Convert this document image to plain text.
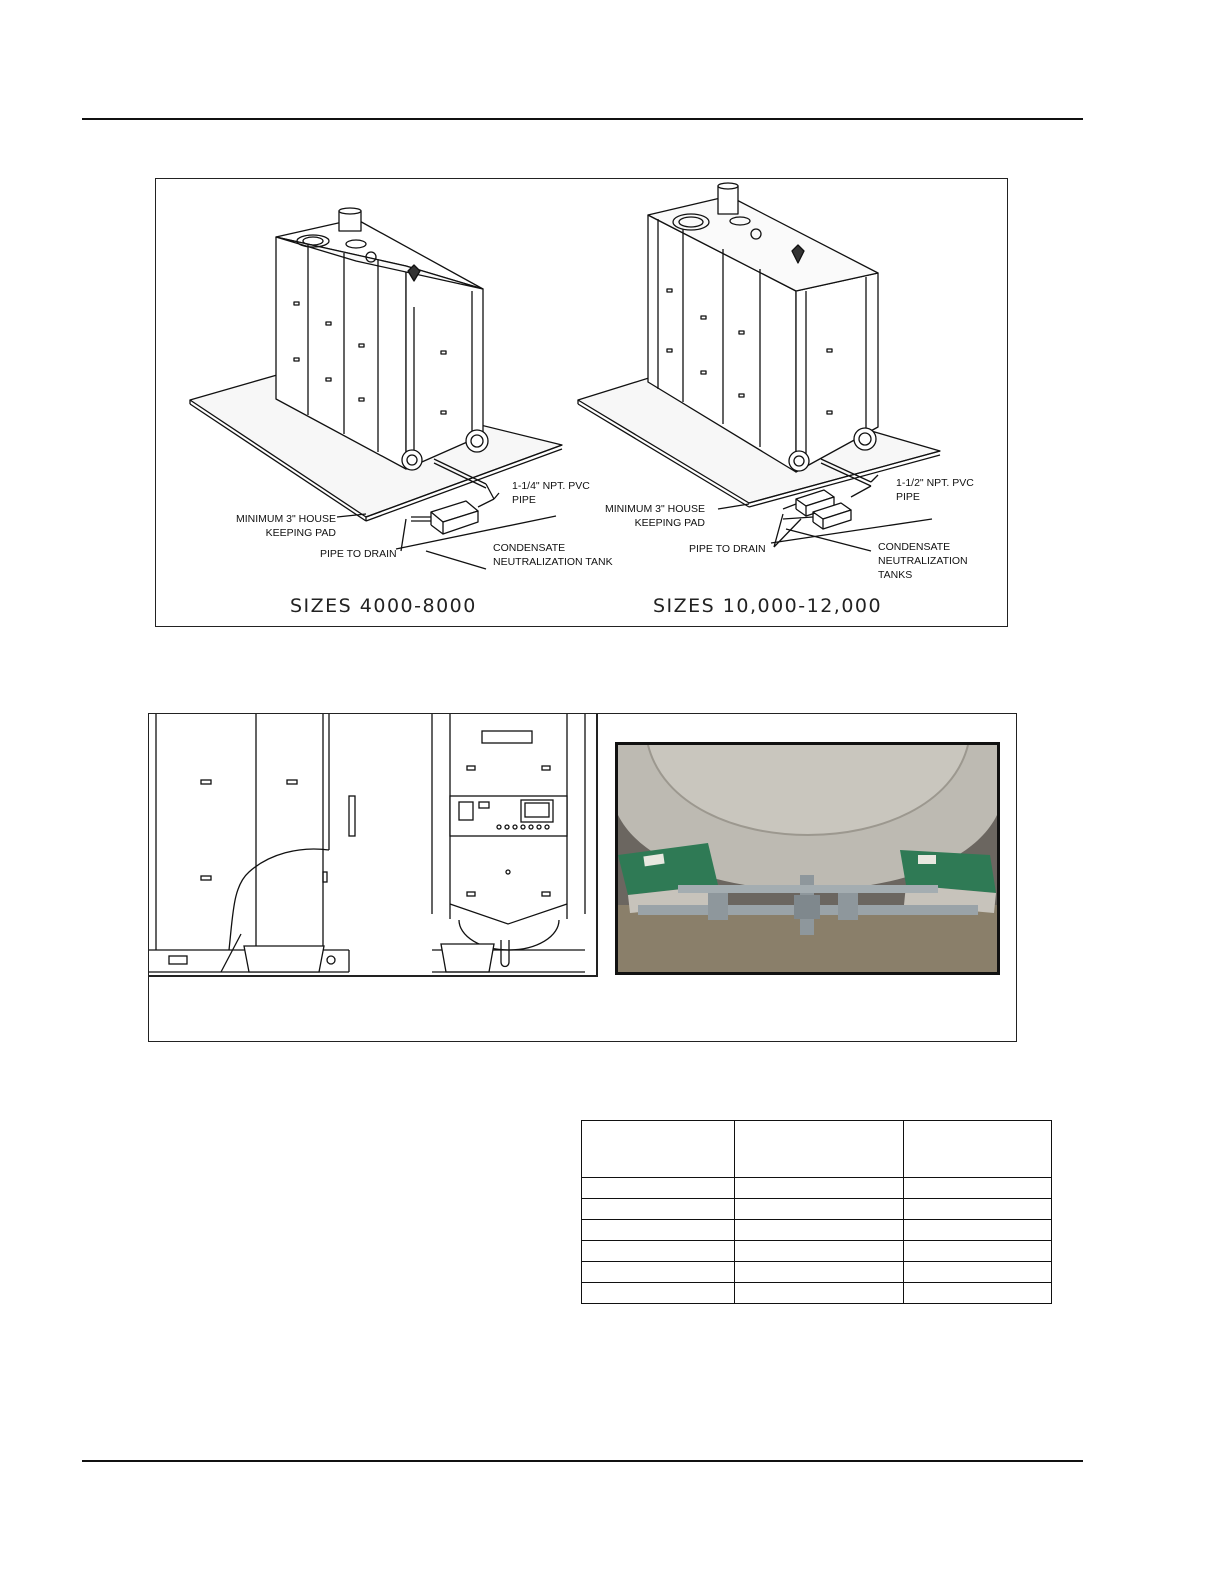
1-1/4" NPT. PVC
PIPE
MINIMUM 3" HOUSE
KEEPING PAD
PIPE TO DRAIN	CONDENSATE
NEUTRALIZATION TANK
SIZES 4000-8000
1-1/2" NPT. PVC
PIPE
MINIMUM 3" HOUSE
KEEPING PAD
PIPE TO DRAIN	CONDENSATE
NEUTRALIZATION
TANKS
SIZES 10,000-12,000
